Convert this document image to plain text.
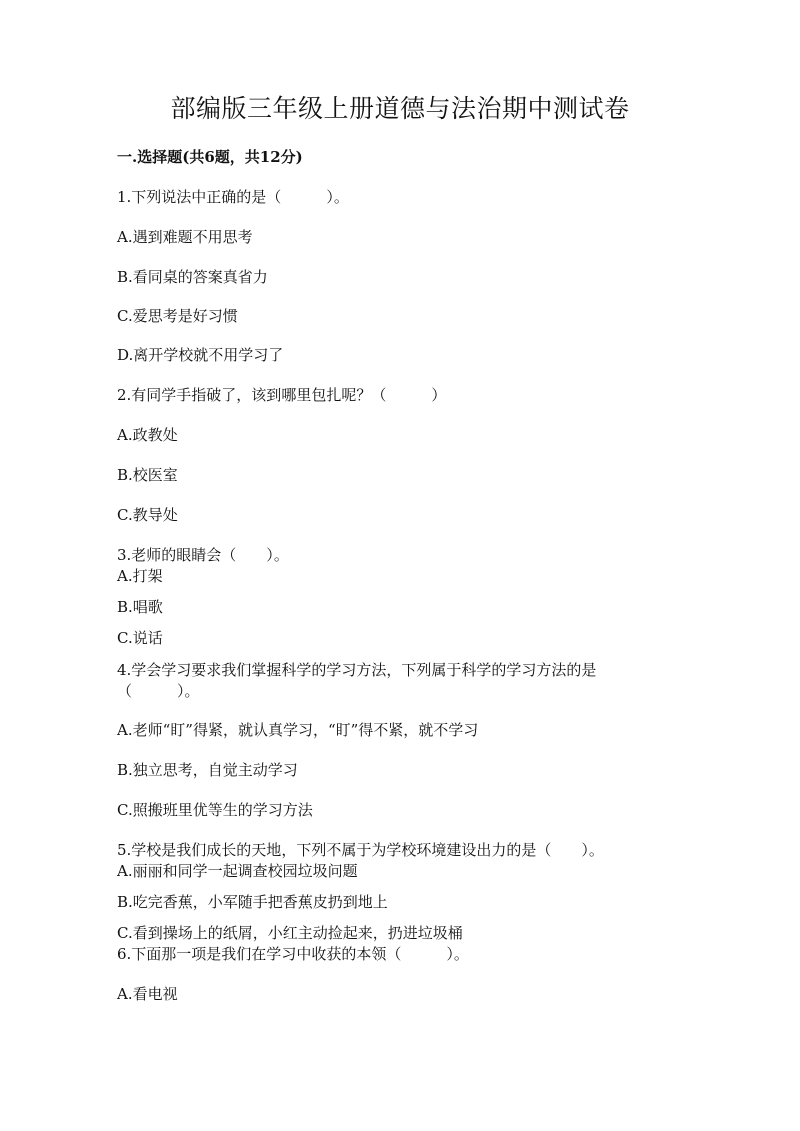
部编版三年级上册道德与法治期中测试卷
一.选择题(共6题，共12分)
1.下列说法中正确的是（　　　）。
A.遇到难题不用思考
B.看同桌的答案真省力
C.爱思考是好习惯
D.离开学校就不用学习了
2.有同学手指破了，该到哪里包扎呢？（　　　）
A.政教处
B.校医室
C.教导处
3.老师的眼睛会（　　）。
A.打架
B.唱歌
C.说话
4.学会学习要求我们掌握科学的学习方法，下列属于科学的学习方法的是
（　　　）。
A.老师“盯”得紧，就认真学习，“盯”得不紧，就不学习
B.独立思考，自觉主动学习
C.照搬班里优等生的学习方法
5.学校是我们成长的天地，下列不属于为学校环境建设出力的是（　　）。
A.丽丽和同学一起调查校园垃圾问题
B.吃完香蕉，小军随手把香蕉皮扔到地上
C.看到操场上的纸屑，小红主动捡起来，扔进垃圾桶
6.下面那一项是我们在学习中收获的本领（　　　）。
A.看电视
